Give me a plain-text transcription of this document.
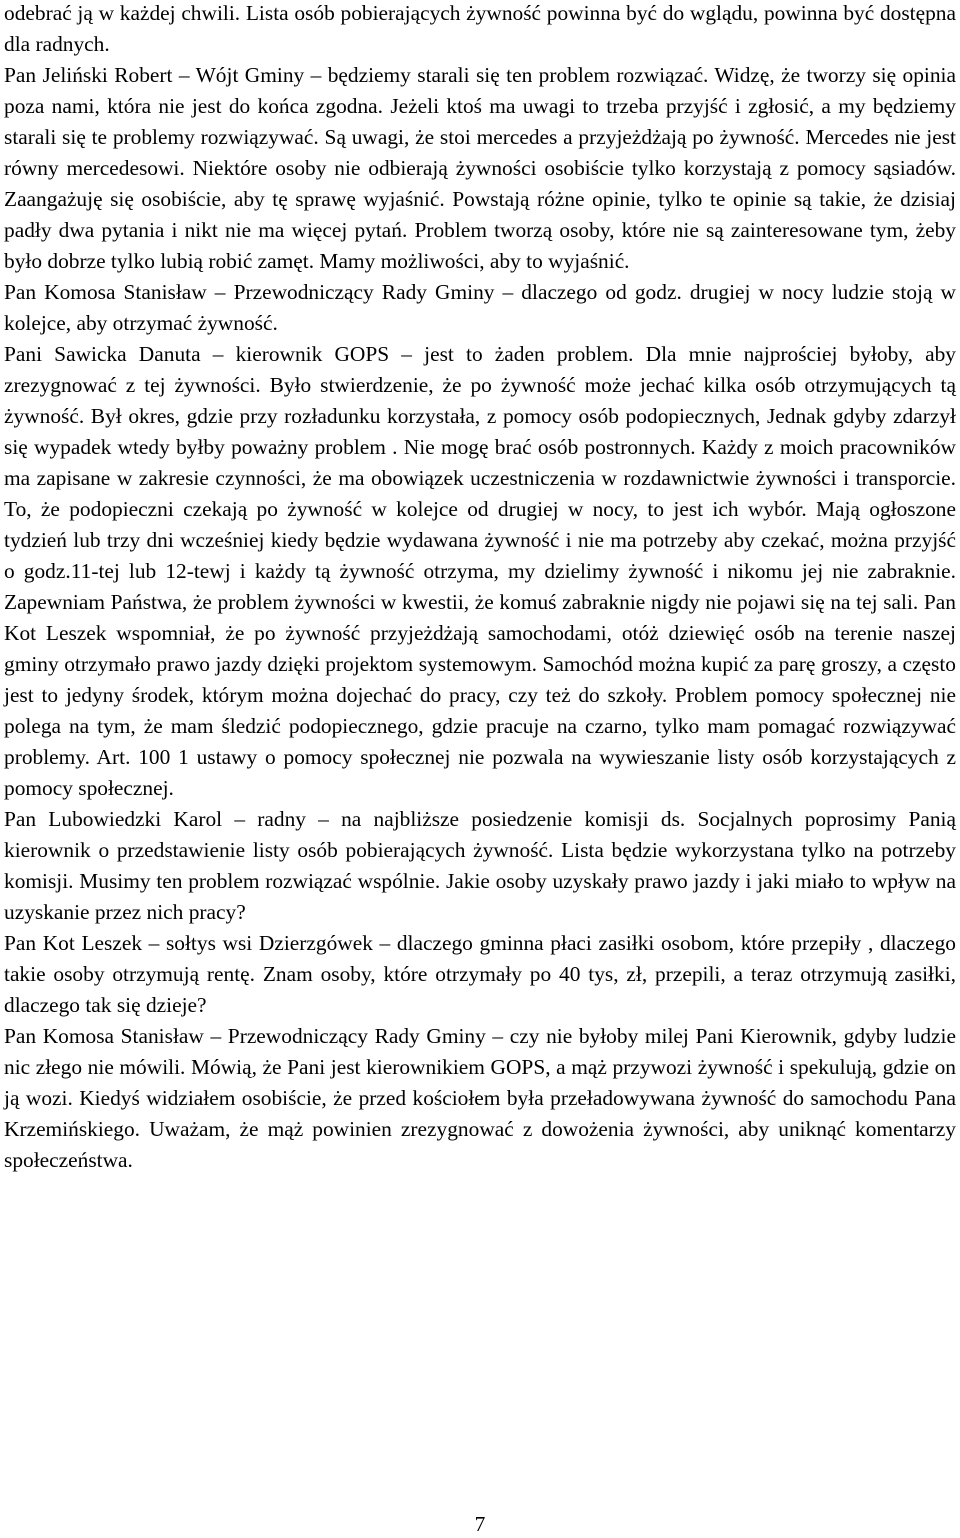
odebrać ją w każdej chwili. Lista osób pobierających żywność powinna być do wglądu, powinna być dostępna dla radnych.

Pan Jeliński Robert – Wójt Gminy – będziemy starali się ten problem rozwiązać. Widzę, że tworzy się opinia poza nami, która nie jest do końca zgodna. Jeżeli ktoś ma uwagi to trzeba przyjść i zgłosić, a my będziemy starali się te problemy rozwiązywać. Są uwagi, że stoi mercedes a przyjeżdżają po żywność. Mercedes nie jest równy mercedesowi. Niektóre osoby nie odbierają żywności osobiście tylko korzystają z pomocy sąsiadów. Zaangażuję się osobiście, aby tę sprawę wyjaśnić. Powstają różne opinie, tylko te opinie są takie, że dzisiaj padły dwa pytania i nikt nie ma więcej pytań. Problem tworzą osoby, które nie są zainteresowane tym, żeby było dobrze tylko lubią robić zamęt. Mamy możliwości, aby to wyjaśnić.

Pan Komosa Stanisław – Przewodniczący Rady Gminy – dlaczego od godz. drugiej w nocy ludzie stoją w kolejce, aby otrzymać żywność.

Pani Sawicka Danuta – kierownik GOPS – jest to żaden problem. Dla mnie najprościej byłoby, aby zrezygnować z tej żywności. Było stwierdzenie, że po żywność może jechać kilka osób otrzymujących tą żywność. Był okres, gdzie przy rozładunku korzystała, z pomocy osób podopiecznych, Jednak gdyby zdarzył się wypadek wtedy byłby poważny problem . Nie mogę brać osób postronnych. Każdy z moich pracowników ma zapisane w zakresie czynności, że ma obowiązek uczestniczenia w rozdawnictwie żywności i transporcie. To, że podopieczni czekają po żywność w kolejce od drugiej w nocy, to jest ich wybór. Mają ogłoszone tydzień lub trzy dni wcześniej kiedy będzie wydawana żywność i nie ma potrzeby aby czekać, można przyjść o godz.11-tej lub 12-tewj i każdy tą żywność otrzyma, my dzielimy żywność i nikomu jej nie zabraknie. Zapewniam Państwa, że problem żywności w kwestii, że komuś zabraknie nigdy nie pojawi się na tej sali. Pan Kot Leszek wspomniał, że po żywność przyjeżdżają samochodami, otóż dziewięć osób na terenie naszej gminy otrzymało prawo jazdy dzięki projektom systemowym. Samochód można kupić za parę groszy, a często jest to jedyny środek, którym można dojechać do pracy, czy też do szkoły. Problem pomocy społecznej nie polega na tym, że mam śledzić podopiecznego, gdzie pracuje na czarno, tylko mam pomagać rozwiązywać problemy. Art. 100 1 ustawy o pomocy społecznej nie pozwala na wywieszanie listy osób korzystających z pomocy społecznej.

Pan Lubowiedzki Karol – radny – na najbliższe posiedzenie komisji ds. Socjalnych poprosimy Panią kierownik o przedstawienie listy osób pobierających żywność. Lista będzie wykorzystana tylko na potrzeby komisji. Musimy ten problem rozwiązać wspólnie. Jakie osoby uzyskały prawo jazdy i jaki miało to wpływ na uzyskanie przez nich pracy?

Pan Kot Leszek – sołtys wsi Dzierzgówek – dlaczego gminna płaci zasiłki osobom, które przepiły , dlaczego takie osoby otrzymują rentę. Znam osoby, które otrzymały po 40 tys, zł, przepili, a teraz otrzymują zasiłki, dlaczego tak się dzieje?

Pan Komosa Stanisław – Przewodniczący Rady Gminy – czy nie byłoby milej Pani Kierownik, gdyby ludzie nic złego nie mówili. Mówią, że Pani jest kierownikiem GOPS, a mąż przywozi żywność i spekulują, gdzie on ją wozi. Kiedyś widziałem osobiście, że przed kościołem była przeładowywana żywność do samochodu Pana Krzemińskiego. Uważam, że mąż powinien zrezygnować z dowożenia żywności, aby uniknąć komentarzy społeczeństwa.

7
